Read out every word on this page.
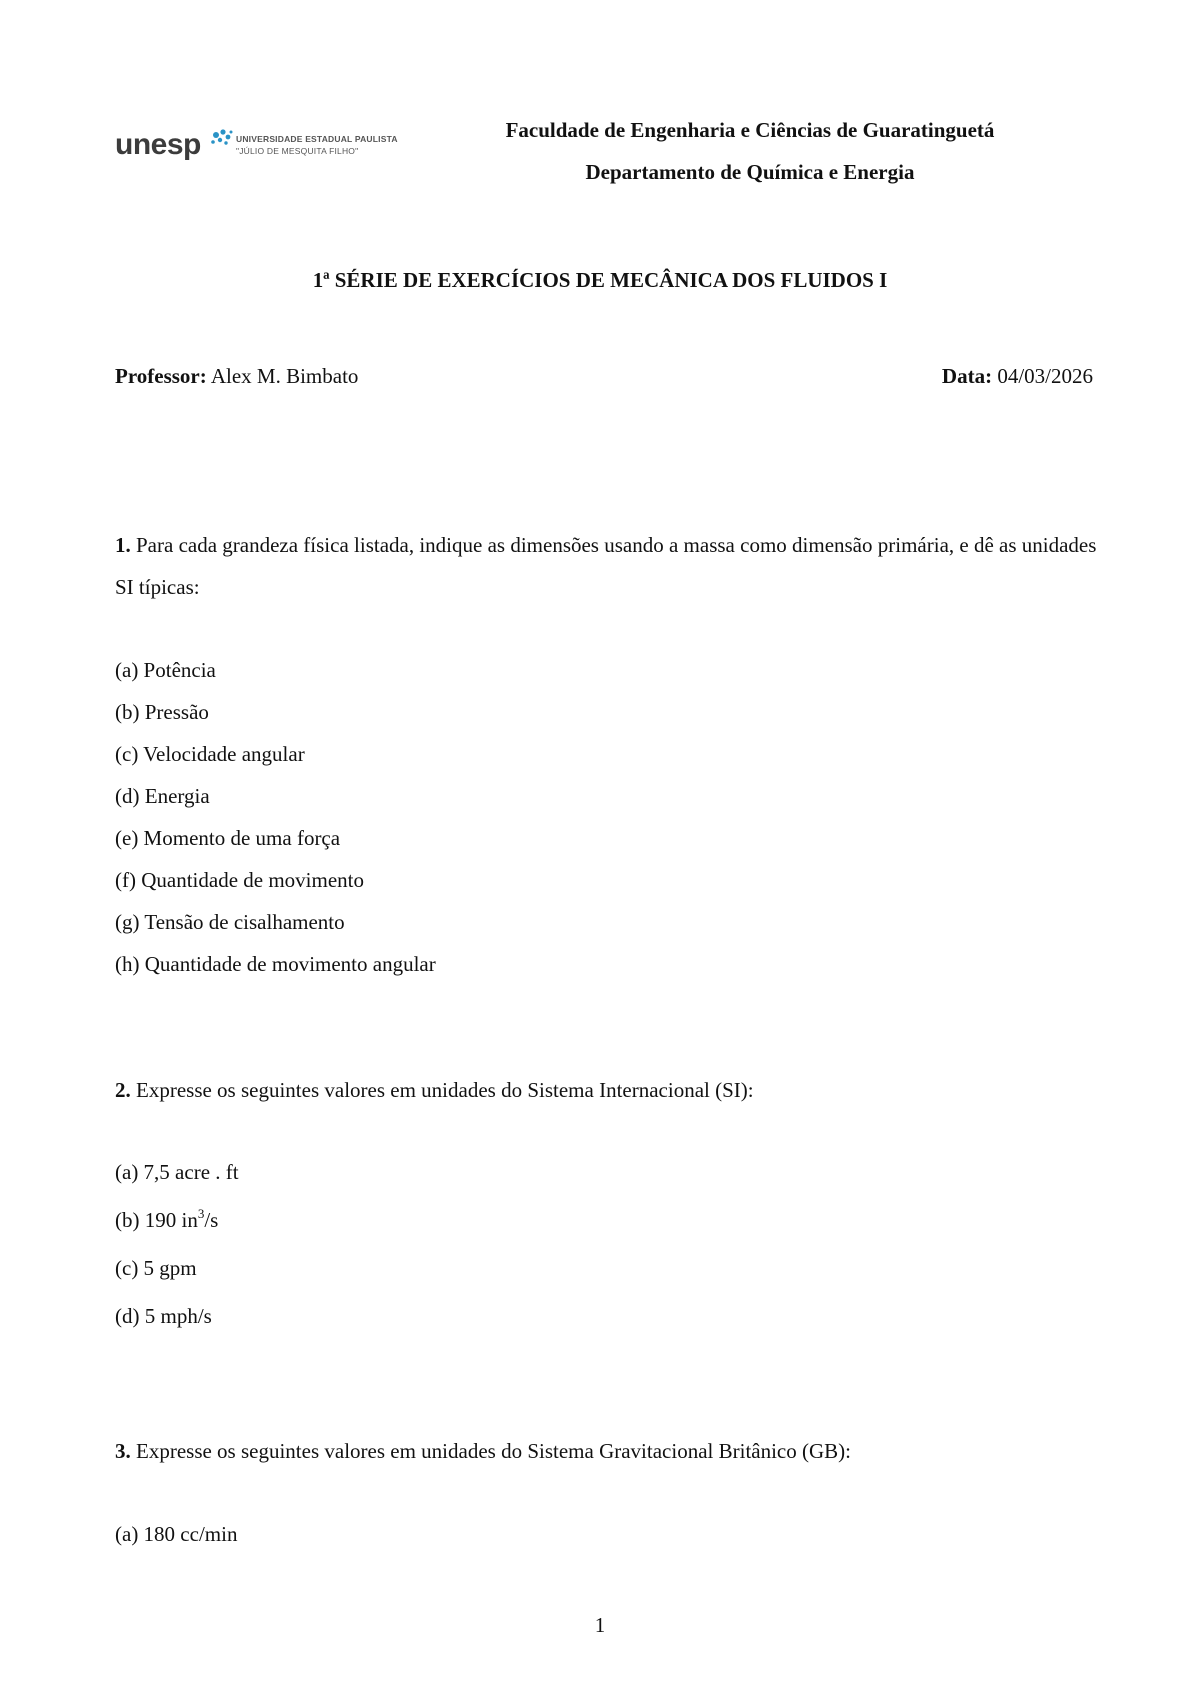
unesp	UNIVERSIDADE ESTADUAL PAULISTA
"JÚLIO DE MESQUITA FILHO"
Faculdade de Engenharia e Ciências de Guaratinguetá
Departamento de Química e Energia
1ª SÉRIE DE EXERCÍCIOS DE MECÂNICA DOS FLUIDOS I
Professor: Alex M. Bimbato	Data: 04/03/2026
1. Para cada grandeza física listada, indique as dimensões usando a massa como dimensão primária, e dê as unidades SI típicas:
(a) Potência
(b) Pressão
(c) Velocidade angular
(d) Energia
(e) Momento de uma força
(f) Quantidade de movimento
(g) Tensão de cisalhamento
(h) Quantidade de movimento angular
2. Expresse os seguintes valores em unidades do Sistema Internacional (SI):
(a) 7,5 acre . ft
(b) 190 $in^3/s$
(c) 5 gpm
(d) 5 mph/s
3. Expresse os seguintes valores em unidades do Sistema Gravitacional Britânico (GB):
(a) 180 cc/min
1
